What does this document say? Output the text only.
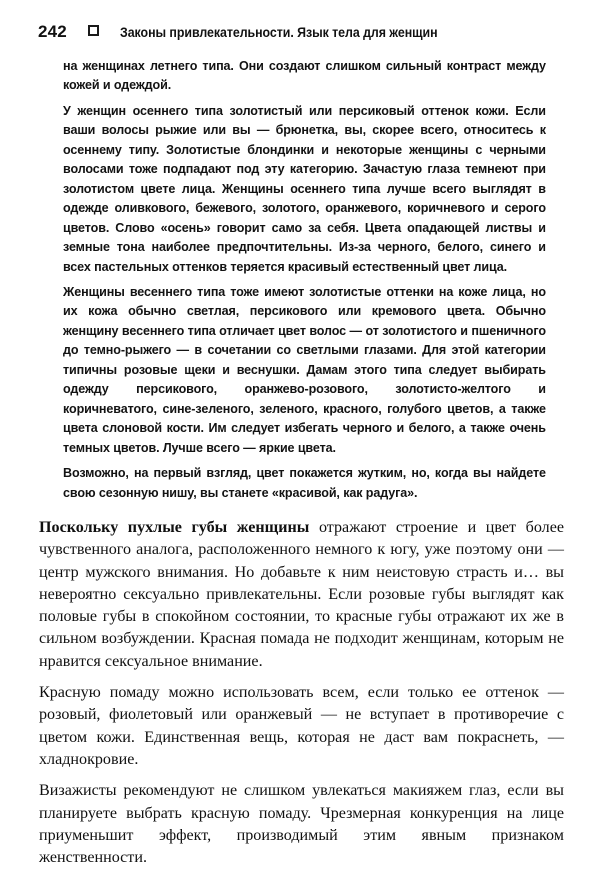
242	Законы привлекательности. Язык тела для женщин

на женщинах летнего типа. Они создают слишком сильный контраст между кожей и одеждой.

У женщин осеннего типа золотистый или персиковый оттенок кожи. Если ваши волосы рыжие или вы — брюнетка, вы, скорее всего, относитесь к осеннему типу. Золотистые блондинки и некоторые женщины с черными волосами тоже подпадают под эту категорию. Зачастую глаза темнеют при золотистом цвете лица. Женщины осеннего типа лучше всего выглядят в одежде оливкового, бежевого, золотого, оранжевого, коричневого и серого цветов. Слово «осень» говорит само за себя. Цвета опадающей листвы и земные тона наиболее предпочтительны. Из-за черного, белого, синего и всех пастельных оттенков теряется красивый естественный цвет лица.

Женщины весеннего типа тоже имеют золотистые оттенки на коже лица, но их кожа обычно светлая, персикового или кремового цвета. Обычно женщину весеннего типа отличает цвет волос — от золотистого и пшеничного до темно-рыжего — в сочетании со светлыми глазами. Для этой категории типичны розовые щеки и веснушки. Дамам этого типа следует выбирать одежду персикового, оранжево-розового, золотисто-желтого и коричневатого, сине-зеленого, зеленого, красного, голубого цветов, а также цвета слоновой кости. Им следует избегать черного и белого, а также очень темных цветов. Лучше всего — яркие цвета.

Возможно, на первый взгляд, цвет покажется жутким, но, когда вы найдете свою сезонную нишу, вы станете «красивой, как радуга».

Поскольку пухлые губы женщины отражают строение и цвет более чувственного аналога, расположенного немного к югу, уже поэтому они — центр мужского внимания. Но добавьте к ним неистовую страсть и… вы невероятно сексуально привлекательны. Если розовые губы выглядят как половые губы в спокойном состоянии, то красные губы отражают их же в сильном возбуждении. Красная помада не подходит женщинам, которым не нравится сексуальное внимание.

Красную помаду можно использовать всем, если только ее оттенок — розовый, фиолетовый или оранжевый — не вступает в противоречие с цветом кожи. Единственная вещь, которая не даст вам покраснеть, — хладнокровие.

Визажисты рекомендуют не слишком увлекаться макияжем глаз, если вы планируете выбрать красную помаду. Чрезмерная конкуренция на лице приуменьшит эффект, производимый этим явным признаком женственности.
